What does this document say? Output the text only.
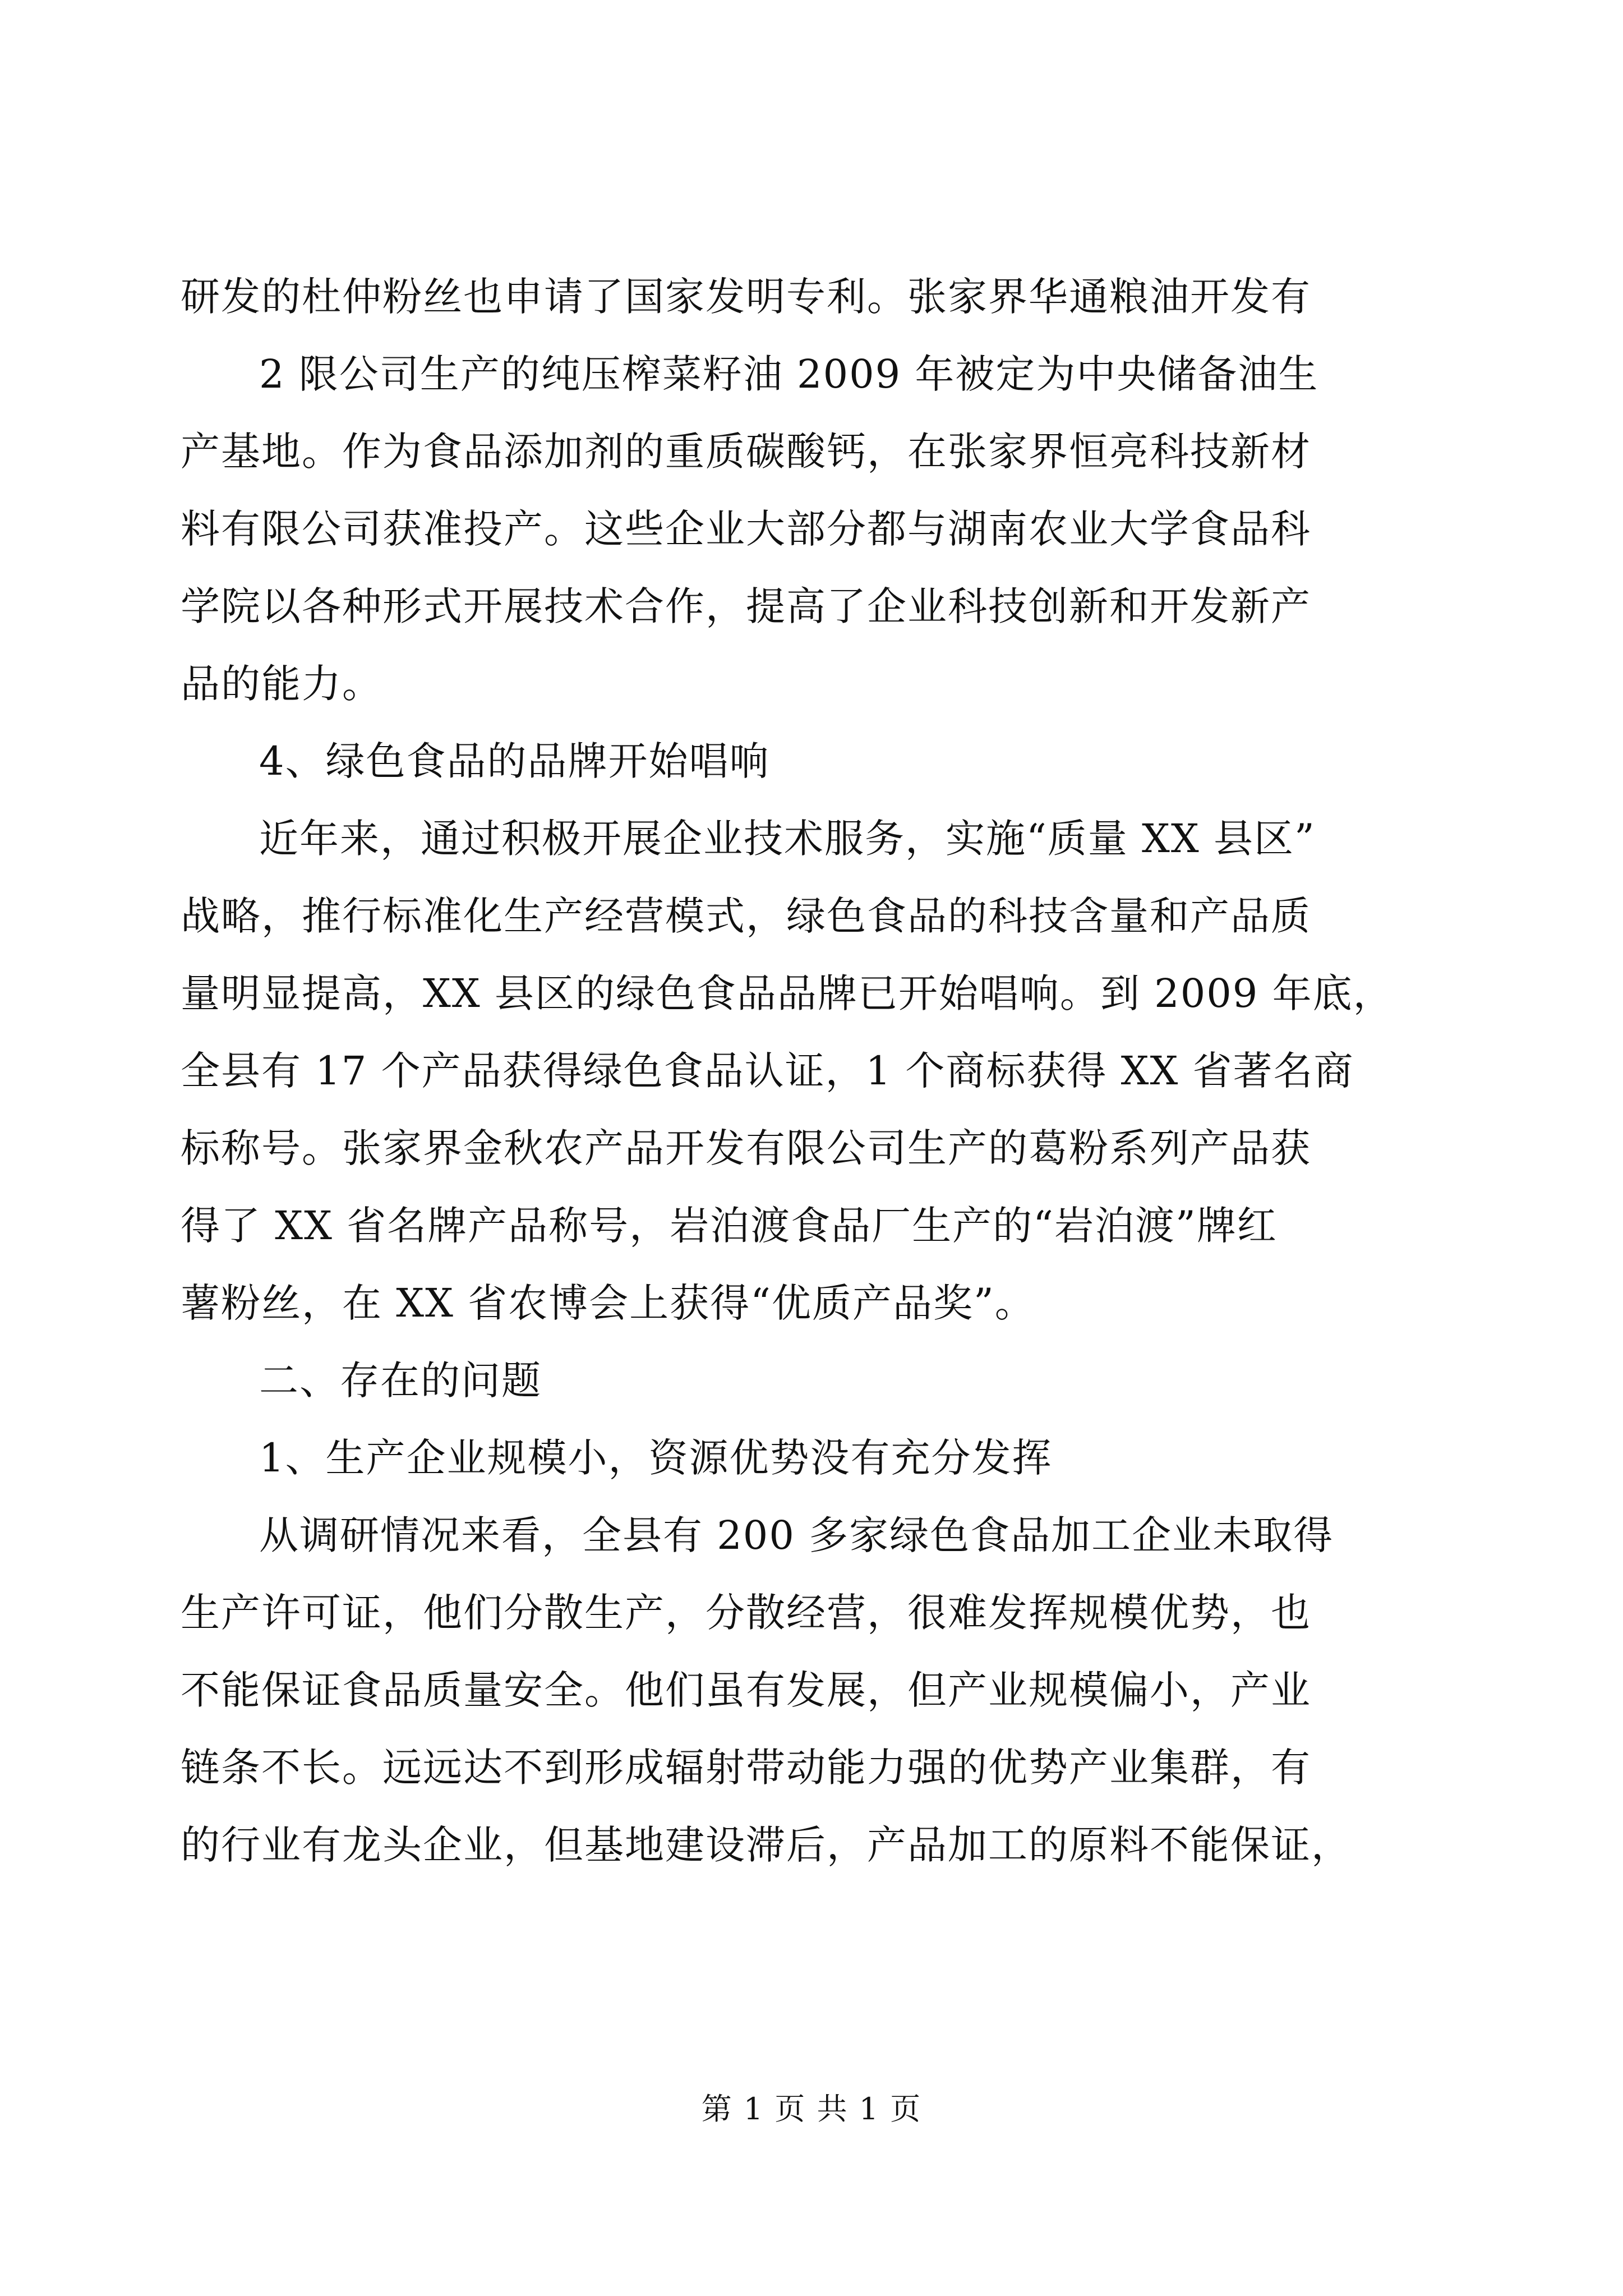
研发的杜仲粉丝也申请了国家发明专利。张家界华通粮油开发有
2 限公司生产的纯压榨菜籽油 2009 年被定为中央储备油生
产基地。作为食品添加剂的重质碳酸钙，在张家界恒亮科技新材
料有限公司获准投产。这些企业大部分都与湖南农业大学食品科
学院以各种形式开展技术合作，提高了企业科技创新和开发新产
品的能力。
4、绿色食品的品牌开始唱响
近年来，通过积极开展企业技术服务，实施“质量 XX 县区”
战略，推行标准化生产经营模式，绿色食品的科技含量和产品质
量明显提高，XX 县区的绿色食品品牌已开始唱响。到 2009 年底，
全县有 17 个产品获得绿色食品认证，1 个商标获得 XX 省著名商
标称号。张家界金秋农产品开发有限公司生产的葛粉系列产品获
得了 XX 省名牌产品称号，岩泊渡食品厂生产的“岩泊渡”牌红
薯粉丝，在 XX 省农博会上获得“优质产品奖”。
二、存在的问题
1、生产企业规模小，资源优势没有充分发挥
从调研情况来看，全县有 200 多家绿色食品加工企业未取得
生产许可证，他们分散生产，分散经营，很难发挥规模优势，也
不能保证食品质量安全。他们虽有发展，但产业规模偏小，产业
链条不长。远远达不到形成辐射带动能力强的优势产业集群，有
的行业有龙头企业，但基地建设滞后，产品加工的原料不能保证，
第 1 页 共 1 页
